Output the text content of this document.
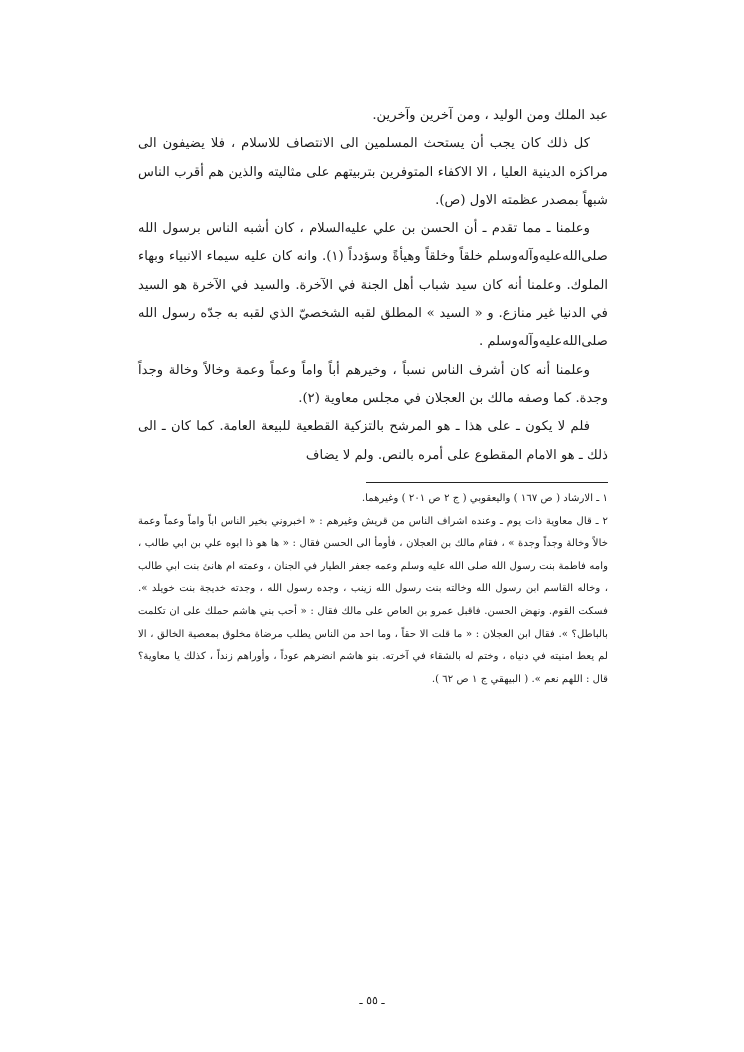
عبد الملك ومن الوليد ، ومن آخرين وآخرين.

كل ذلك كان يجب أن يستحث المسلمين الى الانتصاف للاسلام ، فلا يضيفون الى مراكزه الدينية العليا ، الا الاكفاء المتوفرين بتربيتهم على مثاليته والذين هم أقرب الناس شبهاً بمصدر عظمته الاول (ص).

وعلمنا ـ مما تقدم ـ أن الحسن بن علي عليه‌السلام ، كان أشبه الناس برسول الله صلى‌الله‌عليه‌وآله‌وسلم خلقاً وخلقاً وهيأةً وسؤدداً (١). وانه كان عليه سيماء الانبياء وبهاء الملوك. وعلمنا أنه كان سيد شباب أهل الجنة في الآخرة. والسيد في الآخرة هو السيد في الدنيا غير منازع. و « السيد » المطلق لقبه الشخصيّ الذي لقبه به جدّه رسول الله صلى‌الله‌عليه‌وآله‌وسلم .

وعلمنا أنه كان أشرف الناس نسباً ، وخيرهم أباً واماً وعماً وعمة وخالاً وخالة وجداً وجدة. كما وصفه مالك بن العجلان في مجلس معاوية (٢).

فلم لا يكون ـ على هذا ـ هو المرشح بالتزكية القطعية للبيعة العامة. كما كان ـ الى ذلك ـ هو الامام المقطوع على أمره بالنص. ولم لا يضاف

١ ـ الارشاد ( ص ١٦٧ ) واليعقوبي ( ج ٢ ص ٢٠١ ) وغيرهما.

٢ ـ قال معاوية ذات يوم ـ وعنده اشراف الناس من قريش وغيرهم : « اخبروني بخير الناس اباً واماً وعماً وعمة خالاً وخالة وجداً وجدة » ، فقام مالك بن العجلان ، فأومأ الى الحسن فقال : « ها هو ذا ابوه علي بن ابي طالب ، وامه فاطمة بنت رسول الله صلى الله عليه وسلم وعمه جعفر الطيار في الجنان ، وعمته ام هانئ بنت ابي طالب ، وخاله القاسم ابن رسول الله وخالته بنت رسول الله زينب ، وجده رسول الله ، وجدته خديجة بنت خويلد ». فسكت القوم. ونهض الحسن. فاقبل عمرو بن العاص على مالك فقال : « أحب بني هاشم حملك على ان تكلمت بالباطل؟ ». فقال ابن العجلان : « ما قلت الا حقاً ، وما احد من الناس يطلب مرضاة مخلوق بمعصية الخالق ، الا لم يعط امنيته في دنياه ، وختم له بالشقاء في آخرته. بنو هاشم انضرهم عوداً ، وأوراهم زنداً ، كذلك يا معاوية؟ قال : اللهم نعم ». ( البيهقي ج ١ ص ٦٢ ).

ـ ٥٥ ـ
